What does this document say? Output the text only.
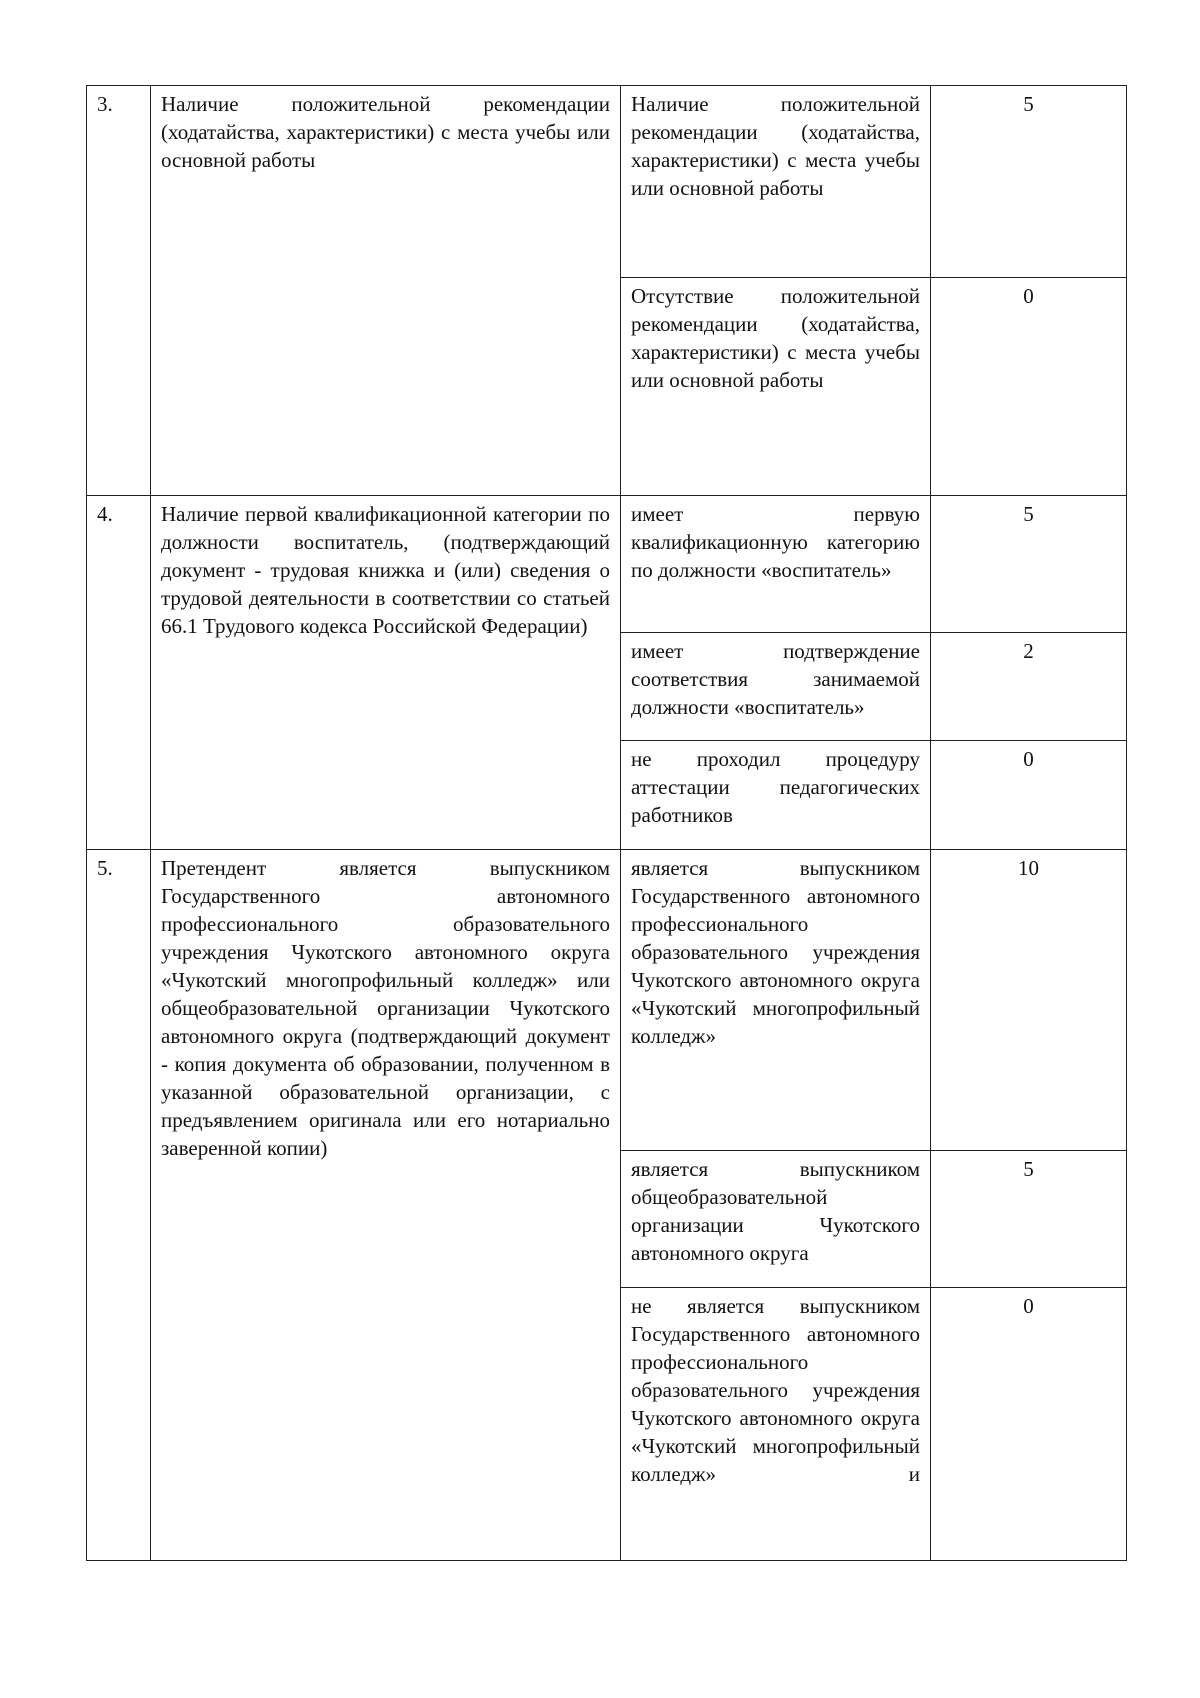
3.	Наличие положительной рекомендации (ходатайства, характеристики) с места учебы или основной работы	Наличие положительной рекомендации (ходатайства, характеристики) с места учебы или основной работы	5
		Отсутствие положительной рекомендации (ходатайства, характеристики) с места учебы или основной работы	0
4.	Наличие первой квалификационной категории по должности воспитатель, (подтверждающий документ - трудовая книжка и (или) сведения о трудовой деятельности в соответствии со статьей 66.1 Трудового кодекса Российской Федерации)	имеет первую квалификационную категорию по должности «воспитатель»	5
		имеет подтверждение соответствия занимаемой должности «воспитатель»	2
		не проходил процедуру аттестации педагогических работников	0
5.	Претендент является выпускником Государственного автономного профессионального образовательного учреждения Чукотского автономного округа «Чукотский многопрофильный колледж» или общеобразовательной организации Чукотского автономного округа (подтверждающий документ - копия документа об образовании, полученном в указанной образовательной организации, с предъявлением оригинала или его нотариально заверенной копии)	является выпускником Государственного автономного профессионального образовательного учреждения Чукотского автономного округа «Чукотский многопрофильный колледж»	10
		является выпускником общеобразовательной организации Чукотского автономного округа	5
		не является выпускником Государственного автономного профессионального образовательного учреждения Чукотского автономного округа «Чукотский многопрофильный колледж» и	0
